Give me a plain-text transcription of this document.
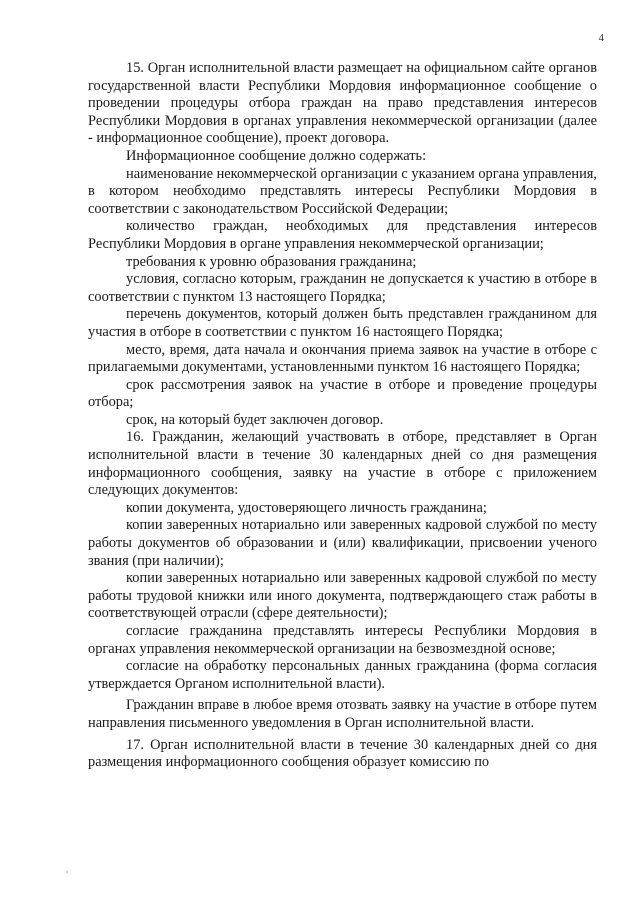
4

15. Орган исполнительной власти размещает на официальном сайте органов государственной власти Республики Мордовия информационное сообщение о проведении процедуры отбора граждан на право представления интересов Республики Мордовия в органах управления некоммерческой организации (далее - информационное сообщение), проект договора.

Информационное сообщение должно содержать:

наименование некоммерческой организации с указанием органа управления, в котором необходимо представлять интересы Республики Мордовия в соответствии с законодательством Российской Федерации;

количество граждан, необходимых для представления интересов Республики Мордовия в органе управления некоммерческой организации;

требования к уровню образования гражданина;

условия, согласно которым, гражданин не допускается к участию в отборе в соответствии с пунктом 13 настоящего Порядка;

перечень документов, который должен быть представлен гражданином для участия в отборе в соответствии с пунктом 16 настоящего Порядка;

место, время, дата начала и окончания приема заявок на участие в отборе с прилагаемыми документами, установленными пунктом 16 настоящего Порядка;

срок рассмотрения заявок на участие в отборе и проведение процедуры отбора;

срок, на который будет заключен договор.

16. Гражданин, желающий участвовать в отборе, представляет в Орган исполнительной власти в течение 30 календарных дней со дня размещения информационного сообщения, заявку на участие в отборе с приложением следующих документов:

копии документа, удостоверяющего личность гражданина;

копии заверенных нотариально или заверенных кадровой службой по месту работы документов об образовании и (или) квалификации, присвоении ученого звания (при наличии);

копии заверенных нотариально или заверенных кадровой службой по месту работы трудовой книжки или иного документа, подтверждающего стаж работы в соответствующей отрасли (сфере деятельности);

согласие гражданина представлять интересы Республики Мордовия в органах управления некоммерческой организации на безвозмездной основе;

согласие на обработку персональных данных гражданина (форма согласия утверждается Органом исполнительной власти).

Гражданин вправе в любое время отозвать заявку на участие в отборе путем направления письменного уведомления в Орган исполнительной власти.

17. Орган исполнительной власти в течение 30 календарных дней со дня размещения информационного сообщения образует комиссию по
